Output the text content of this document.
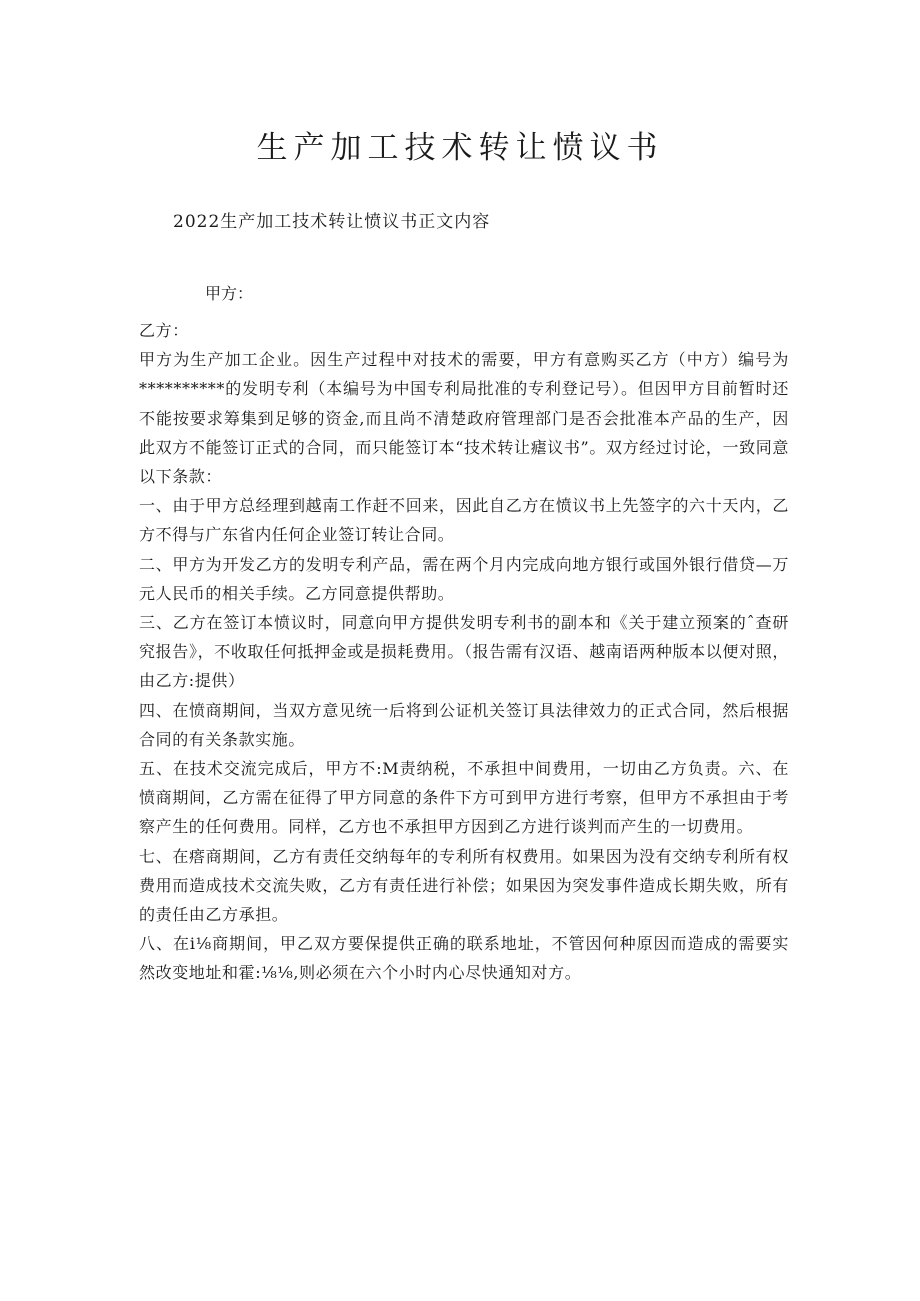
生产加工技术转让愤议书

2022生产加工技术转让愤议书正文内容

甲方：

乙方：

甲方为生产加工企业。因生产过程中对技术的需要，甲方有意购买乙方（中方）编号为**********的发明专利（本编号为中国专利局批准的专利登记号）。但因甲方目前暂时还不能按要求筹集到足够的资金,而且尚不清楚政府管理部门是否会批准本产品的生产，因此双方不能签订正式的合同，而只能签订本“技术转让瘧议书”。双方经过讨论，一致同意以下条款：

一、由于甲方总经理到越南工作赶不回来，因此自乙方在愤议书上先签字的六十天内，乙方不得与广东省内任何企业签订转让合同。

二、甲方为开发乙方的发明专利产品，需在两个月内完成向地方银行或国外银行借贷—万元人民币的相关手续。乙方同意提供帮助。

三、乙方在签订本愤议时，同意向甲方提供发明专利书的副本和《关于建立预案的ˆ查研究报告》，不收取任何抵押金或是损耗费用。（报告需有汉语、越南语两种版本以便对照，由乙方:提供）

四、在愤商期间，当双方意见统一后将到公证机关签订具法律效力的正式合同，然后根据合同的有关条款实施。

五、在技术交流完成后，甲方不:M责纳税，不承担中间费用，一切由乙方负责。六、在愤商期间，乙方需在征得了甲方同意的条件下方可到甲方进行考察，但甲方不承担由于考察产生的任何费用。同样，乙方也不承担甲方因到乙方进行谈判而产生的一切费用。

七、在瘩商期间，乙方有责任交纳每年的专利所有权费用。如果因为没有交纳专利所有权费用而造成技术交流失败，乙方有责任进行补偿；如果因为突发事件造成长期失败，所有的责任由乙方承担。

八、在i⅛商期间，甲乙双方要保提供正确的联系地址，不管因何种原因而造成的需要实然改变地址和霍:⅛⅛,则必须在六个小时内心尽快通知对方。
